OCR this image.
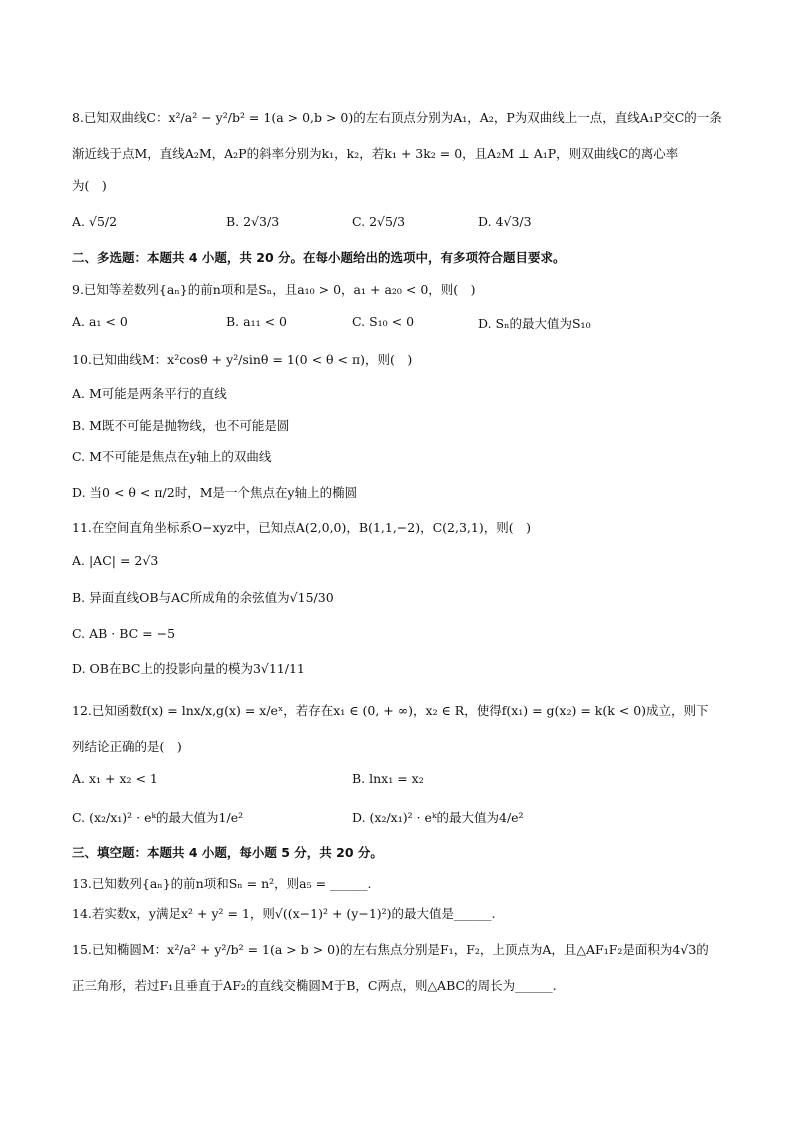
8.已知双曲线C：x²/a² − y²/b² = 1(a > 0,b > 0)的左右顶点分别为A₁，A₂，P为双曲线上一点，直线A₁P交C的一条
渐近线于点M，直线A₂M，A₂P的斜率分别为k₁，k₂，若k₁ + 3k₂ = 0，且A₂M ⊥ A₁P，则双曲线C的离心率
为(　)
A. √5/2	B. 2√3/3	C. 2√5/3	D. 4√3/3
二、多选题：本题共 4 小题，共 20 分。在每小题给出的选项中，有多项符合题目要求。
9.已知等差数列{aₙ}的前n项和是Sₙ，且a₁₀ > 0，a₁ + a₂₀ < 0，则(　)
A. a₁ < 0	B. a₁₁ < 0	C. S₁₀ < 0	D. Sₙ的最大值为S₁₀
10.已知曲线M：x²cosθ + y²/sinθ = 1(0 < θ < π)，则(　)
A. M可能是两条平行的直线
B. M既不可能是抛物线，也不可能是圆
C. M不可能是焦点在y轴上的双曲线
D. 当0 < θ < π/2时，M是一个焦点在y轴上的椭圆
11.在空间直角坐标系O−xyz中，已知点A(2,0,0)，B(1,1,−2)，C(2,3,1)，则(　)
A. |AC| = 2√3
B. 异面直线OB与AC所成角的余弦值为√15/30
C. AB · BC = −5
D. OB在BC上的投影向量的模为3√11/11
12.已知函数f(x) = lnx/x,g(x) = x/eˣ，若存在x₁ ∈ (0, + ∞)，x₂ ∈ R，使得f(x₁) = g(x₂) = k(k < 0)成立，则下
列结论正确的是(　)
A. x₁ + x₂ < 1	B. lnx₁ = x₂
C. (x₂/x₁)² · eᵏ的最大值为1/e²	D. (x₂/x₁)² · eᵏ的最大值为4/e²
三、填空题：本题共 4 小题，每小题 5 分，共 20 分。
13.已知数列{aₙ}的前n项和Sₙ = n²，则a₅ = ______.
14.若实数x，y满足x² + y² = 1，则√((x−1)² + (y−1)²)的最大值是______.
15.已知椭圆M：x²/a² + y²/b² = 1(a > b > 0)的左右焦点分别是F₁，F₂，上顶点为A，且△AF₁F₂是面积为4√3的
正三角形，若过F₁且垂直于AF₂的直线交椭圆M于B，C两点，则△ABC的周长为______.
